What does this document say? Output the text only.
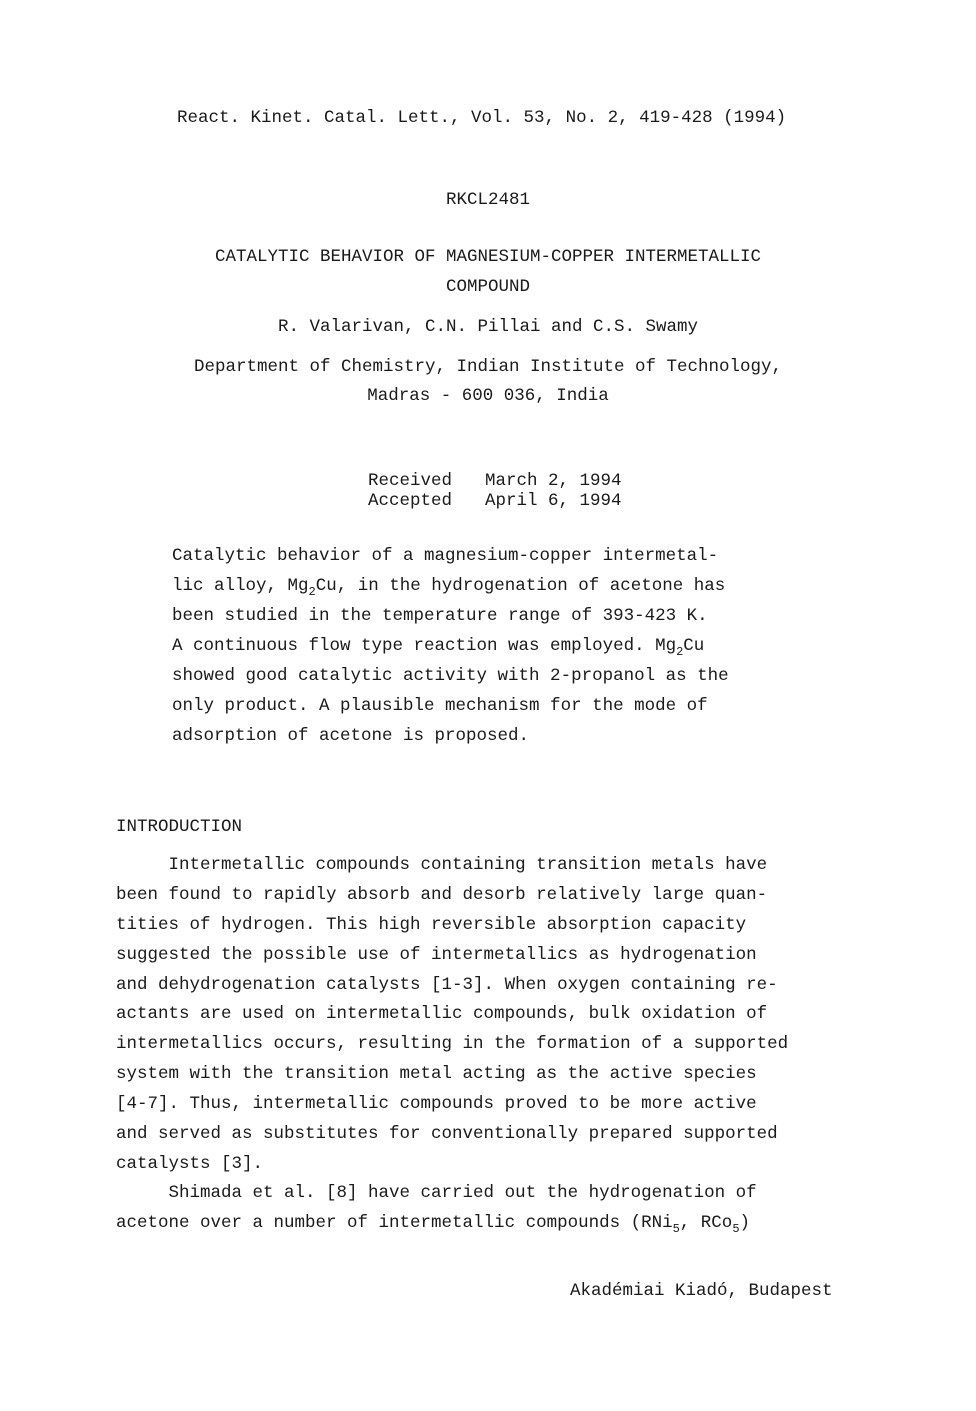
React. Kinet. Catal. Lett., Vol. 53, No. 2, 419-428 (1994)
RKCL2481
CATALYTIC BEHAVIOR OF MAGNESIUM-COPPER INTERMETALLIC
COMPOUND
R. Valarivan, C.N. Pillai and C.S. Swamy
Department of Chemistry, Indian Institute of Technology,
Madras - 600 036, India

Received March 2, 1994

Accepted April 6, 1994

Catalytic behavior of a magnesium-copper intermetal-
lic alloy, $Mg_2Cu$, in the hydrogenation of acetone has
been studied in the temperature range of 393-423 K.
A continuous flow type reaction was employed. $Mg_2Cu$
showed good catalytic activity with 2-propanol as the
only product. A plausible mechanism for the mode of
adsorption of acetone is proposed.
INTRODUCTION
Intermetallic compounds containing transition metals have
been found to rapidly absorb and desorb relatively large quan-
tities of hydrogen. This high reversible absorption capacity
suggested the possible use of intermetallics as hydrogenation
and dehydrogenation catalysts [1-3]. When oxygen containing re-
actants are used on intermetallic compounds, bulk oxidation of
intermetallics occurs, resulting in the formation of a supported
system with the transition metal acting as the active species
[4-7]. Thus, intermetallic compounds proved to be more active
and served as substitutes for conventionally prepared supported
catalysts [3].
Shimada et al. [8] have carried out the hydrogenation of
acetone over a number of intermetallic compounds (RNi$_5$, RCo$_5$)
Akadémiai Kiadó, Budapest
